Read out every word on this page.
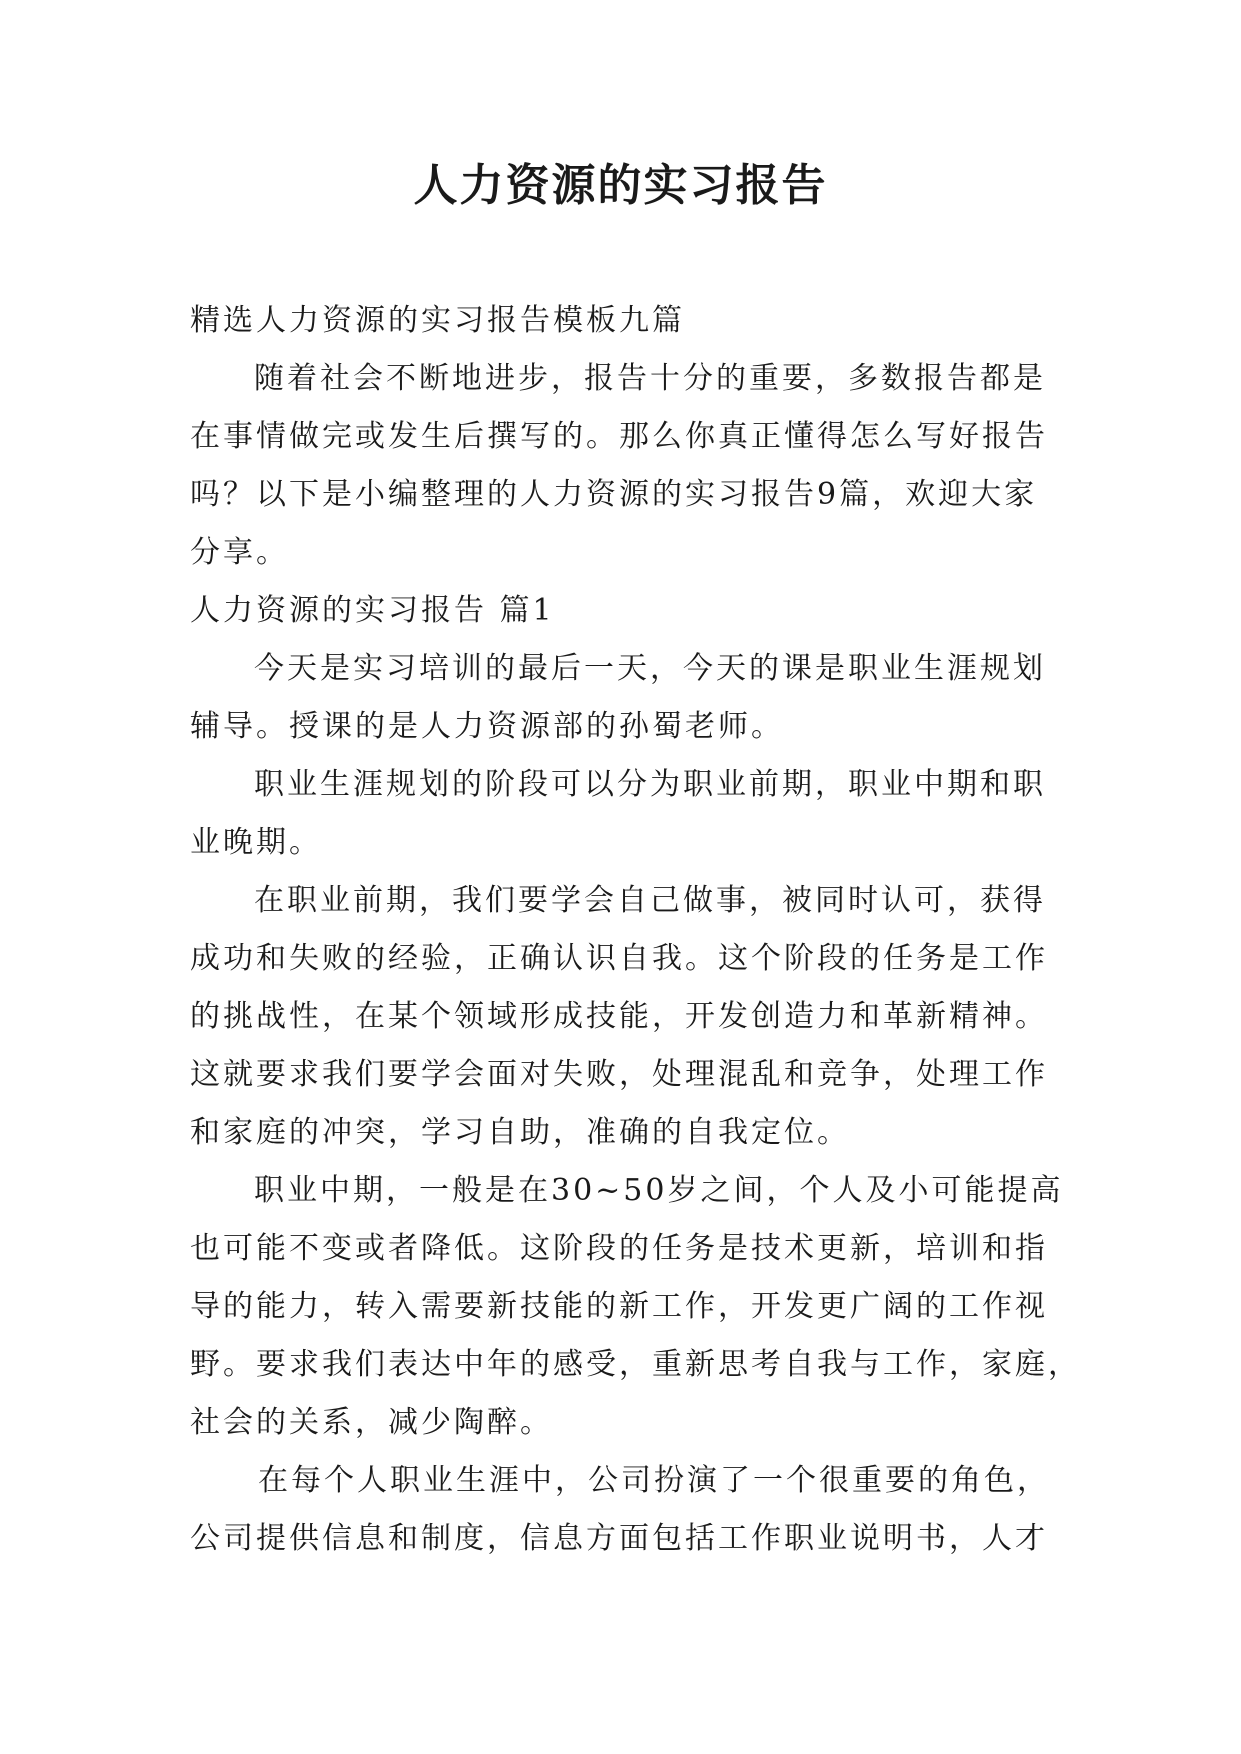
人力资源的实习报告

精选人力资源的实习报告模板九篇

随着社会不断地进步，报告十分的重要，多数报告都是

在事情做完或发生后撰写的。那么你真正懂得怎么写好报告

吗？以下是小编整理的人力资源的实习报告9篇，欢迎大家

分享。

人力资源的实习报告 篇1

今天是实习培训的最后一天，今天的课是职业生涯规划

辅导。授课的是人力资源部的孙蜀老师。

职业生涯规划的阶段可以分为职业前期，职业中期和职

业晚期。

在职业前期，我们要学会自己做事，被同时认可，获得

成功和失败的经验，正确认识自我。这个阶段的任务是工作

的挑战性，在某个领域形成技能，开发创造力和革新精神。

这就要求我们要学会面对失败，处理混乱和竞争，处理工作

和家庭的冲突，学习自助，准确的自我定位。

职业中期，一般是在30~50岁之间，个人及小可能提高

也可能不变或者降低。这阶段的任务是技术更新，培训和指

导的能力，转入需要新技能的新工作，开发更广阔的工作视

野。要求我们表达中年的感受，重新思考自我与工作，家庭，

社会的关系，减少陶醉。

在每个人职业生涯中，公司扮演了一个很重要的角色，

公司提供信息和制度，信息方面包括工作职业说明书，人才
